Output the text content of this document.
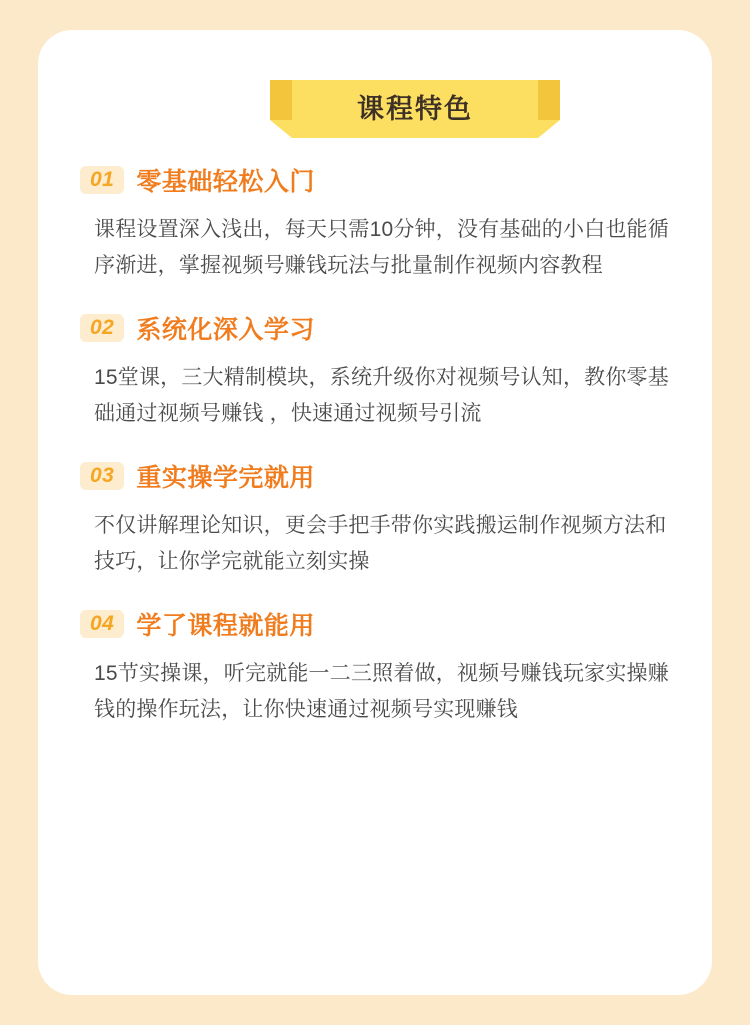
课程特色
01 零基础轻松入门
课程设置深入浅出，每天只需10分钟，没有基础的小白也能循序渐进，掌握视频号赚钱玩法与批量制作视频内容教程
02 系统化深入学习
15堂课，三大精制模块，系统升级你对视频号认知，教你零基础通过视频号赚钱 ，快速通过视频号引流
03 重实操学完就用
不仅讲解理论知识，更会手把手带你实践搬运制作视频方法和技巧，让你学完就能立刻实操
04 学了课程就能用
15节实操课，听完就能一二三照着做，视频号赚钱玩家实操赚钱的操作玩法，让你快速通过视频号实现赚钱
